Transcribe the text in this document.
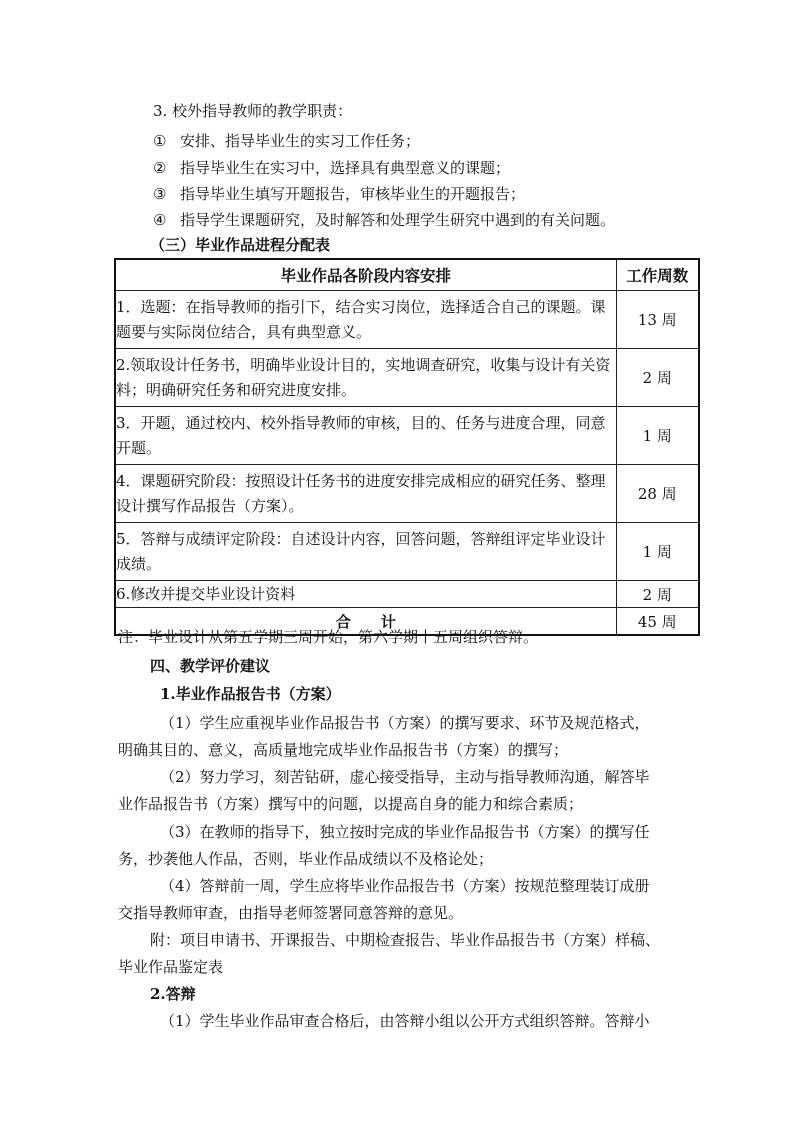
3. 校外指导教师的教学职责：
① 安排、指导毕业生的实习工作任务；
② 指导毕业生在实习中，选择具有典型意义的课题；
③ 指导毕业生填写开题报告，审核毕业生的开题报告；
④ 指导学生课题研究，及时解答和处理学生研究中遇到的有关问题。
（三）毕业作品进程分配表
毕业作品各阶段内容安排	工作周数
1．选题：在指导教师的指引下，结合实习岗位，选择适合自己的课题。课题要与实际岗位结合，具有典型意义。	13 周
2.领取设计任务书，明确毕业设计目的，实地调查研究，收集与设计有关资料；明确研究任务和研究进度安排。	2 周
3．开题，通过校内、校外指导教师的审核，目的、任务与进度合理，同意开题。	1 周
4．课题研究阶段：按照设计任务书的进度安排完成相应的研究任务、整理设计撰写作品报告（方案）。	28 周
5．答辩与成绩评定阶段：自述设计内容，回答问题，答辩组评定毕业设计成绩。	1 周
6.修改并提交毕业设计资料	2 周
合　　计	45 周
注：毕业设计从第五学期三周开始，第六学期十五周组织答辩。
四、教学评价建议
1.毕业作品报告书（方案）
（1）学生应重视毕业作品报告书（方案）的撰写要求、环节及规范格式，
明确其目的、意义，高质量地完成毕业作品报告书（方案）的撰写；
（2）努力学习，刻苦钻研，虚心接受指导，主动与指导教师沟通，解答毕
业作品报告书（方案）撰写中的问题，以提高自身的能力和综合素质；
（3）在教师的指导下，独立按时完成的毕业作品报告书（方案）的撰写任
务，抄袭他人作品，否则，毕业作品成绩以不及格论处；
（4）答辩前一周，学生应将毕业作品报告书（方案）按规范整理装订成册
交指导教师审查，由指导老师签署同意答辩的意见。
附：项目申请书、开课报告、中期检查报告、毕业作品报告书（方案）样稿、
毕业作品鉴定表
2.答辩
（1）学生毕业作品审查合格后，由答辩小组以公开方式组织答辩。答辩小
